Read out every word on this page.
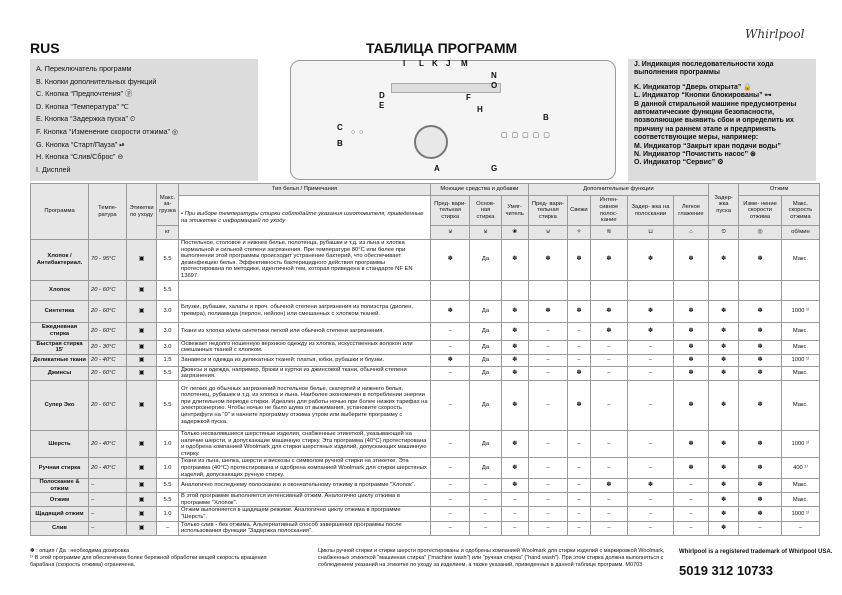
RUS	ТАБЛИЦА ПРОГРАММ
Whirlpool
A. Переключатель программ
B. Кнопки дополнительных функций
C. Кнопка “Предпочтения” ⓟ
D. Кнопка “Температура” ℃
E. Кнопка “Задержка пуска” ⏲
F. Кнопка “Изменение скорости отжима” ◎
G. Кнопка “Старт/Пауза” ⏯
H. Кнопка “Слив/Сброс” ⊖
I. Дисплей
▢ ▢ ▢ ▢ ▢
○ ○
I L K J M
N
O
D
E	H
F
C
B
A	G
B
J. Индикация последовательности хода выполнения программы
K. Индикатор “Дверь открыта” 🔒
L. Индикатор “Кнопки блокированы” ⊶
В данной стиральной машине предусмотрены автоматические функции безопасности, позволяющие выявить сбои и определить их причину на раннем этапе и предпринять соответствующие меры, например:
M. Индикатор “Закрыт кран подачи воды”
N. Индикатор “Почистить насос” ⊛
O. Индикатор “Сервис” ⚙
Программа	Темпе- ратура	Этикетки по уходу	Макс. за- грузка	Тип белья / Примечания	Моющие средства и добавки			Дополнительные функции					Задер- жка пуска	Отжим	
				• При выборе температуры стирки соблюдайте указания изготовителя, приведенные на этикетке с информацией по уходу	Пред- вари- тельная стирка	Основ- ная стирка	Умяг- читель	Пред- вари- тельная стирка	Свежи	Интен- сивное полос- кание	Задер- жка на полоскании	Легкое глажение		Изме- нение скорости отжима	Макс. скорость отжима
			кг		⊍	⊍	❀	⊍	✧	≋	⊔	⌂	⏲	◎	об/мин
Хлопок / Антибактериал.	70 - 95°C	▣	5.5	Постельное, столовое и нижнее белье, полотенца, рубашки и т.д. из льна и хлопка нормальной и сильной степени загрязнения. При температуре 80°C или более при выполнении этой программы происходит устранение бактерий, что обеспечивает дезинфекцию белья. Эффективность бактерицидного действия программы протестирована по методике, идентичной тем, которая приведена в стандарте NF EN 13697.	✽	Да	✽	✽	✽	✽	✽	✽	✽	✽	Макс.
Хлопок	20 - 60°C	▣	5.5												
Синтетика	20 - 60°C	▣	3.0	Блузки, рубашки, халаты и проч. обычной степени загрязнения из полиэстра (диолен, тревира), полиамида (перлон, нейлон) или смешанных с хлопком тканей.	✽	Да	✽	✽	✽	✽	✽	✽	✽	✽	1000 ¹⁾
Ежедневная стирка	20 - 60°C	▣	3.0	Ткани из хлопка и/или синтетики легкой или обычной степени загрязнения.	–	Да	✽	–	–	✽	✽	✽	✽	✽	Макс.
Быстрая стирка 15'	20 - 30°C	▣	3.0	Освежает недолго ношенную верхнюю одежду из хлопка, искусственных волокон или смешанных тканей с хлопком.	–	Да	✽	–	–	–	–	✽	✽	✽	Макс.
Деликатные ткани	20 - 40°C	▣	1.5	Занавеси и одежда из деликатных тканей: платья, юбки, рубашки и блузки.	✽	Да	✽	–	–	–	–	✽	✽	✽	1000 ¹⁾
Джинсы	20 - 60°C	▣	5.5	Джинсы и одежда, например, брюки и куртки из джинсовой ткани, обычной степени загрязнения.	–	Да	✽	–	✽	–	–	✽	✽	✽	Макс.
Супер Эко	20 - 60°C	▣	5.5	От легких до обычных загрязнений постельное белье, скатертей и нижнего белья, полотенец, рубашек и т.д. из хлопка и льна. Наиболее экономичен в потреблении энергии при длительном периоде стирки. Идеален для работы ночью при более низких тарифах на электроэнергию. Чтобы ночью не было шума от выжимания, установите скорость центрифуги на "0" и начните программу отжима утром или выберите программу с задержкой пуска.	–	Да	✽	–	✽	–	–	✽	✽	✽	Макс.
Шерсть	20 - 40°C	▣	1.0	Только несвалявшиеся шерстяные изделия, снабженные этикеткой, указывающей на наличие шерсти, и допускающие машинную стирку. Эта программа (40°C) протестирована и одобрена компанией Woolmark для стирки шерстяных изделий, допускающих машинную стирку.	–	Да	✽	–	–	–	–	✽	✽	✽	1000 ¹⁾
Ручная стирка	20 - 40°C	▣	1.0	Ткани из льна, шелка, шерсти и вискозы с символом ручной стирки на этикетке. Эта программа (40°C) протестирована и одобрена компанией Woolmark для стирки шерстяных изделий, допускающих ручную стирку.	–	Да	✽	–	–	–	–	✽	✽	✽	400 ¹⁾
Полоскание & отжим	–	▣	5.5	Аналогично последнему полосканию и окончательному отжиму в программе "Хлопок".	–	–	✽	–	–	✽	✽	–	✽	✽	Макс.
Отжим	–	▣	5.5	В этой программе выполняется интенсивный отжим. Аналогично циклу отжима в программе "Хлопок".	–	–	–	–	–	–	–	–	✽	✽	Макс.
Щадящий отжим	–	▣	1.0	Отжим выполняется в щадящем режиме. Аналогично циклу отжима в программе "Шерсть".	–	–	–	–	–	–	–	–	✽	✽	1000 ¹⁾
Слив	–	▣	–	Только слив - без отжима. Альтернативный способ завершения программы после использования функции "Задержка полоскания".	–	–	–	–	–	–	–	–	✽	–	–
✽ : опция / Да : необходима дозировка
¹⁾ В этой программе для обеспечения более бережной обработки вещей скорость вращения барабана (скорость отжима) ограничена.
Циклы ручной стирки и стирки шерсти протестированы и одобрены компанией Woolmark для стирки изделий с маркировкой Woolmark, снабженных этикеткой "машинная стирка" ("machine wash") или "ручная стирка" ("hand wash"). При этом стирка должна выполняться с соблюдением указаний на этикетке по уходу за изделием, а также указаний, приведенных в данной таблице программ. M0703
Whirlpool is a registered trademark of Whirlpool USA.
5019 312 10733
